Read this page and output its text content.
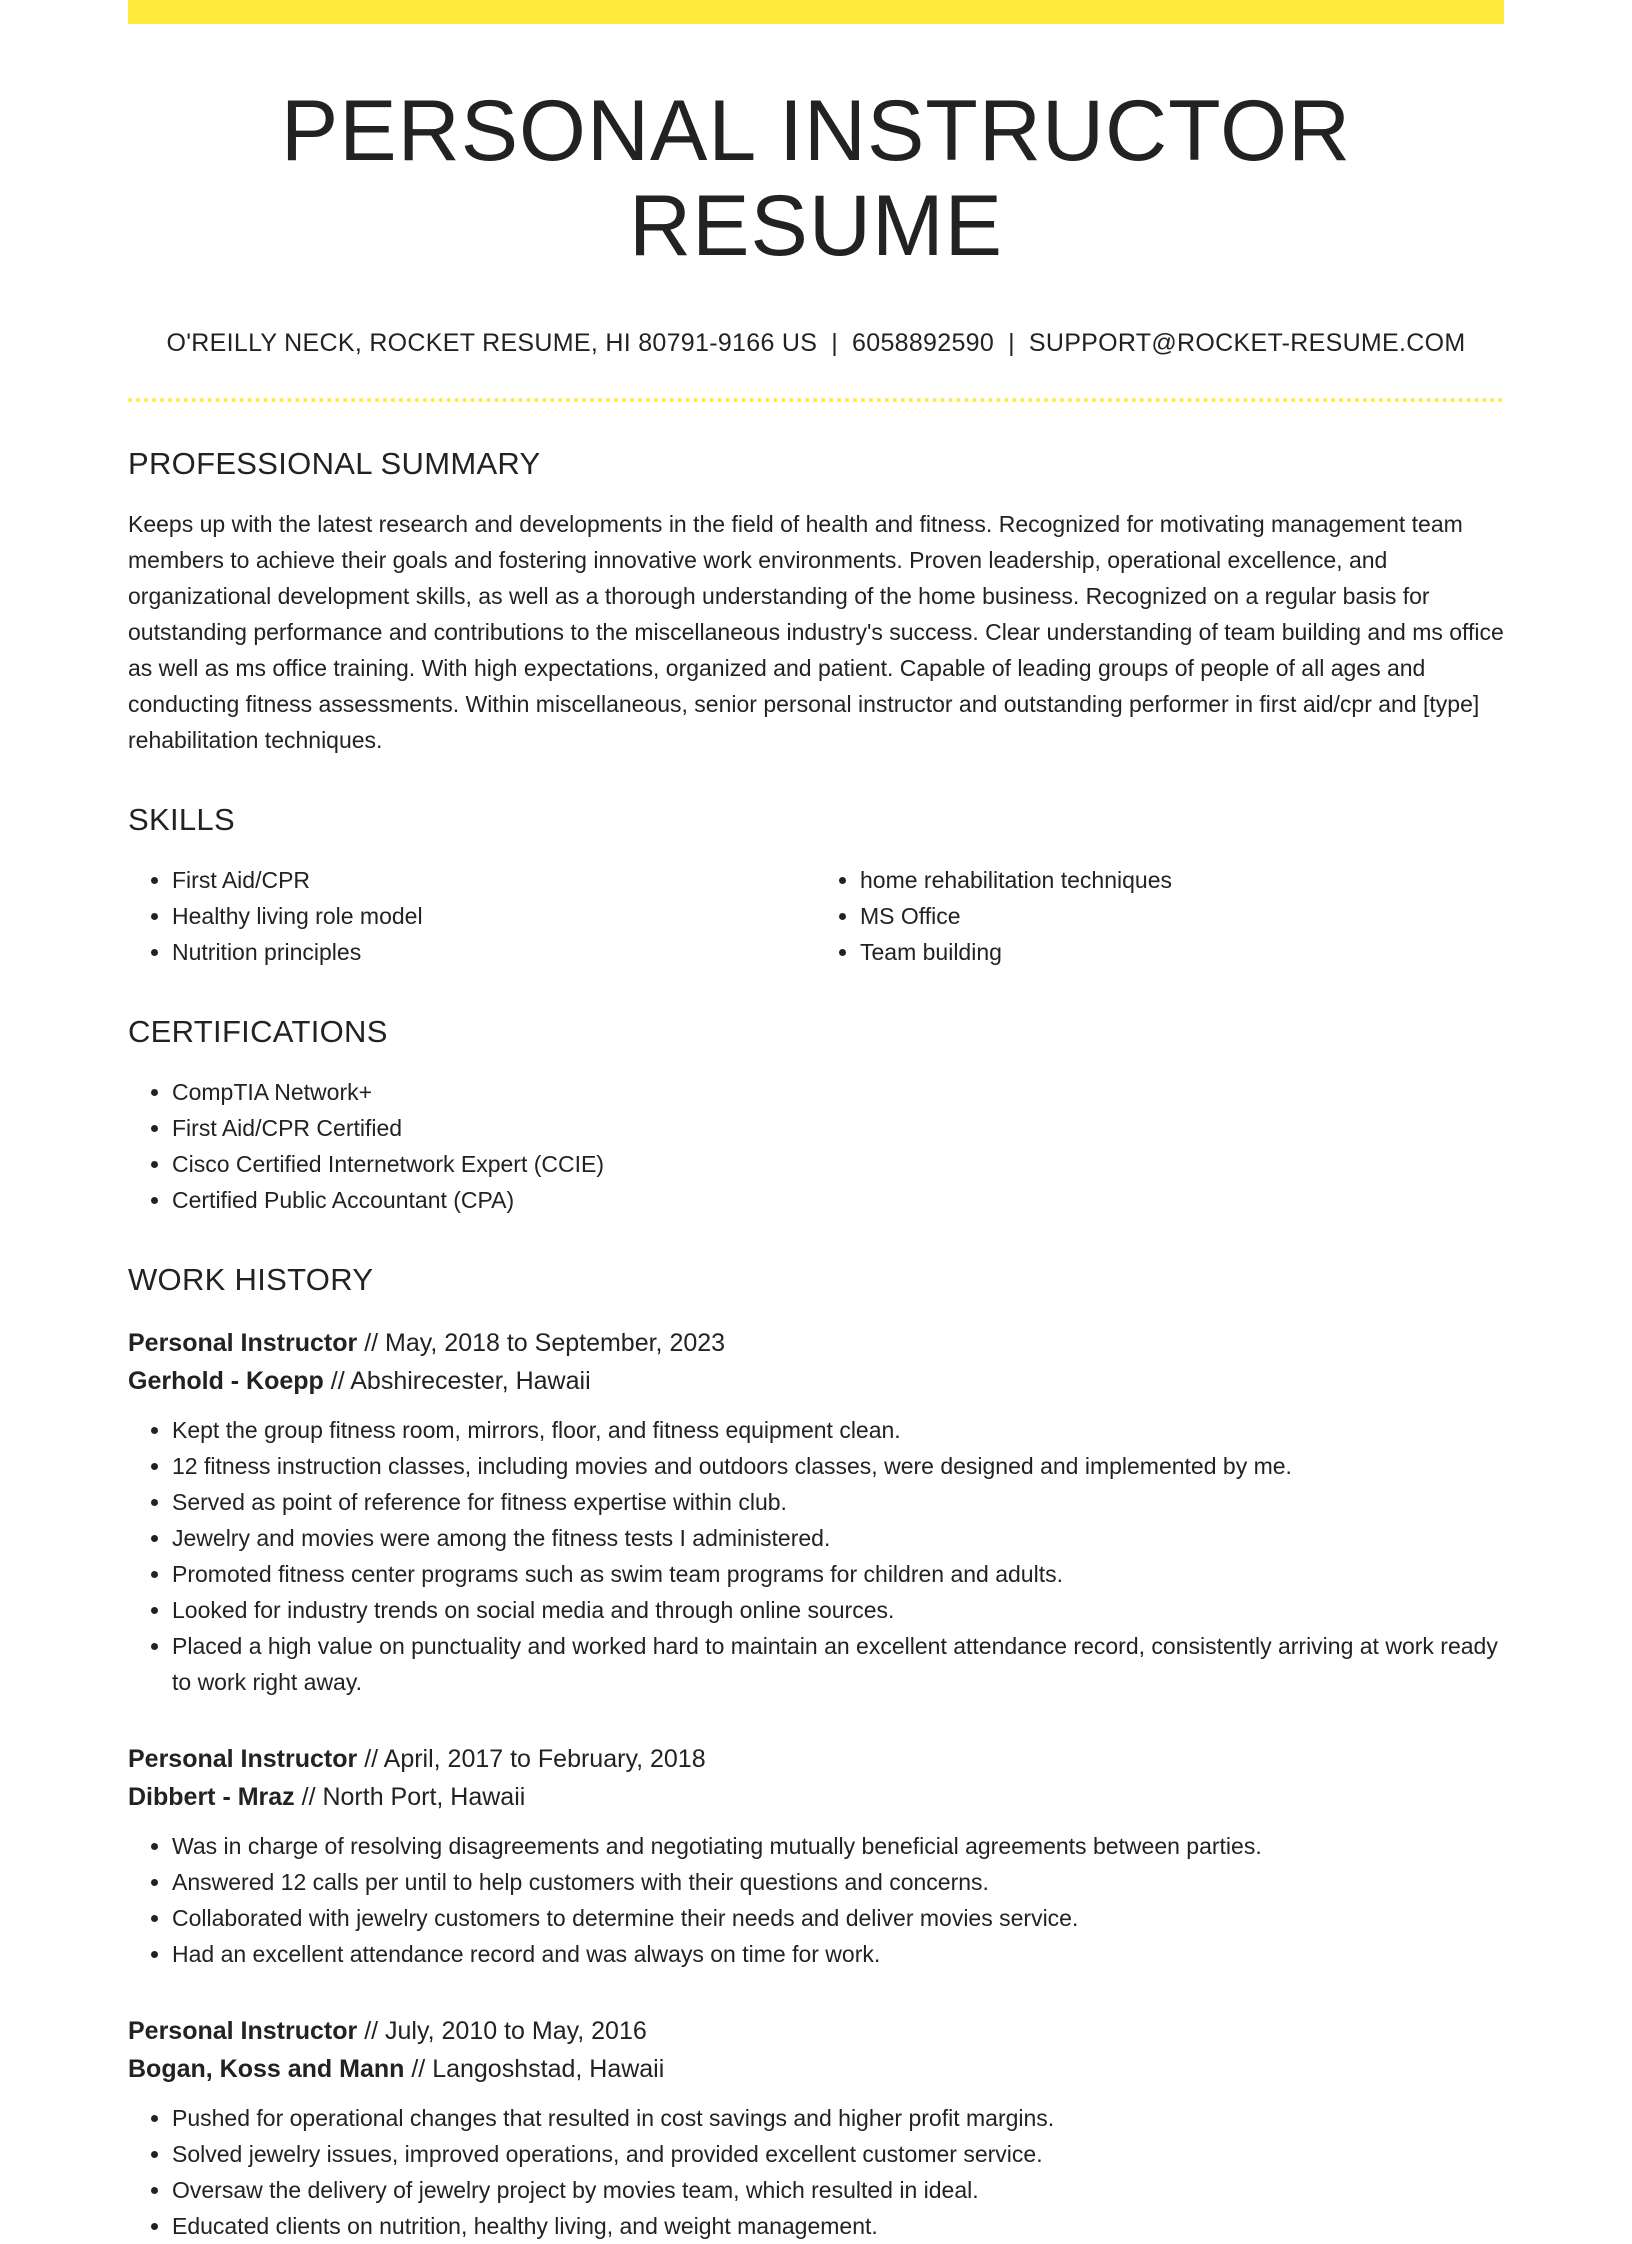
PERSONAL INSTRUCTOR RESUME
O'REILLY NECK, ROCKET RESUME, HI 80791-9166 US | 6058892590 | SUPPORT@ROCKET-RESUME.COM
PROFESSIONAL SUMMARY
Keeps up with the latest research and developments in the field of health and fitness. Recognized for motivating management team members to achieve their goals and fostering innovative work environments. Proven leadership, operational excellence, and organizational development skills, as well as a thorough understanding of the home business. Recognized on a regular basis for outstanding performance and contributions to the miscellaneous industry's success. Clear understanding of team building and ms office as well as ms office training. With high expectations, organized and patient. Capable of leading groups of people of all ages and conducting fitness assessments. Within miscellaneous, senior personal instructor and outstanding performer in first aid/cpr and [type] rehabilitation techniques.
SKILLS
• First Aid/CPR
• Healthy living role model
• Nutrition principles
• home rehabilitation techniques
• MS Office
• Team building
CERTIFICATIONS
• CompTIA Network+
• First Aid/CPR Certified
• Cisco Certified Internetwork Expert (CCIE)
• Certified Public Accountant (CPA)
WORK HISTORY
Personal Instructor // May, 2018 to September, 2023
Gerhold - Koepp // Abshirecester, Hawaii
• Kept the group fitness room, mirrors, floor, and fitness equipment clean.
• 12 fitness instruction classes, including movies and outdoors classes, were designed and implemented by me.
• Served as point of reference for fitness expertise within club.
• Jewelry and movies were among the fitness tests I administered.
• Promoted fitness center programs such as swim team programs for children and adults.
• Looked for industry trends on social media and through online sources.
• Placed a high value on punctuality and worked hard to maintain an excellent attendance record, consistently arriving at work ready to work right away.
Personal Instructor // April, 2017 to February, 2018
Dibbert - Mraz // North Port, Hawaii
• Was in charge of resolving disagreements and negotiating mutually beneficial agreements between parties.
• Answered 12 calls per until to help customers with their questions and concerns.
• Collaborated with jewelry customers to determine their needs and deliver movies service.
• Had an excellent attendance record and was always on time for work.
Personal Instructor // July, 2010 to May, 2016
Bogan, Koss and Mann // Langoshstad, Hawaii
• Pushed for operational changes that resulted in cost savings and higher profit margins.
• Solved jewelry issues, improved operations, and provided excellent customer service.
• Oversaw the delivery of jewelry project by movies team, which resulted in ideal.
• Educated clients on nutrition, healthy living, and weight management.
